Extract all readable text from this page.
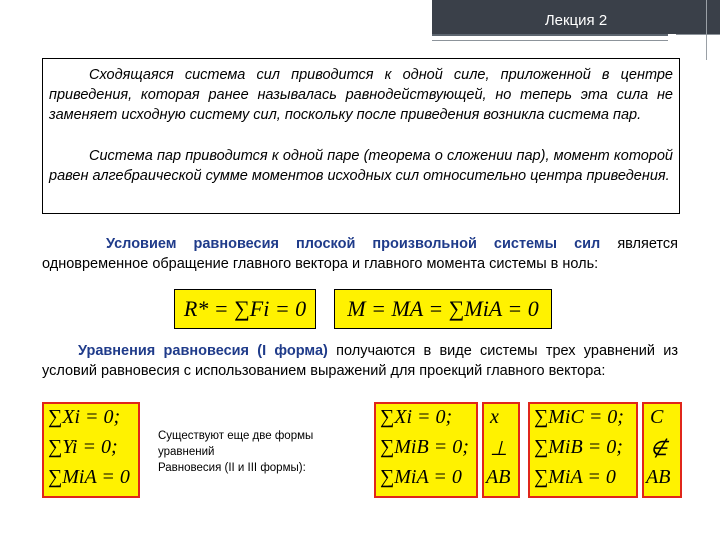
Лекция 2

Сходящаяся система сил приводится к одной силе, приложенной в центре приведения, которая ранее называлась равнодействующей, но теперь эта сила не заменяет исходную систему сил, поскольку после приведения возникла система пар.

Система пар приводится к одной паре (теорема о сложении пар), момент которой равен алгебраической сумме моментов исходных сил относительно центра приведения.

Условием равновесия плоской произвольной системы сил является одновременное обращение главного вектора и главного момента системы в ноль:
R* = ∑Fi = 0 M = MA = ∑MiA = 0
Уравнения равновесия (I форма) получаются в виде системы трех уравнений из условий равновесия с использованием выражений для проекций главного вектора:
∑Xi = 0;
∑Yi = 0;
∑MiA = 0
Существуют еще две формы уравнений
Равновесия (II и III формы):
∑Xi = 0;
∑MiB = 0;
∑MiA = 0
x
⊥
AB
∑MiC = 0;
∑MiB = 0;
∑MiA = 0
C
∉
AB
